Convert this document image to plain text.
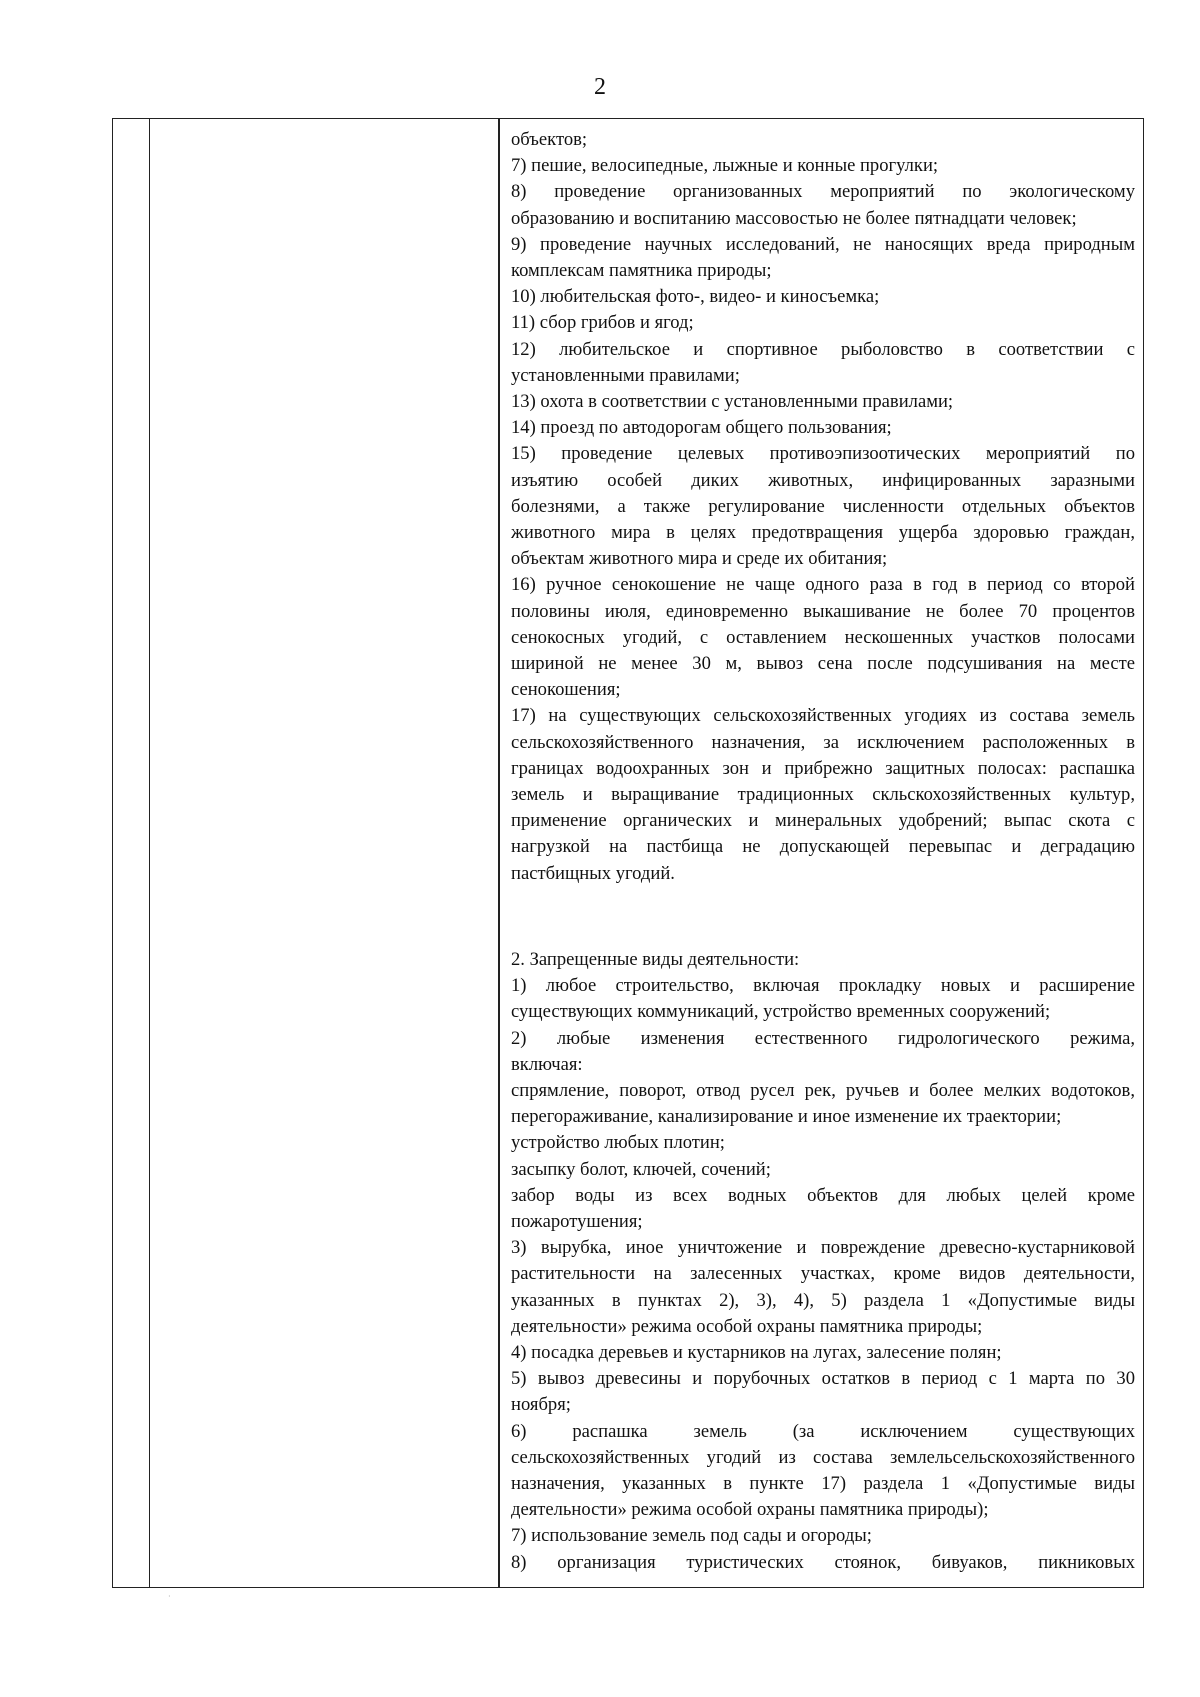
2

объектов;

7) пешие, велосипедные, лыжные и конные прогулки;

8) проведение организованных мероприятий по экологическому

образованию и воспитанию массовостью не более пятнадцати человек;

9) проведение научных исследований, не наносящих вреда природным

комплексам памятника природы;

10) любительская фото-, видео- и киносъемка;

11) сбор грибов и ягод;

12) любительское и спортивное рыболовство в соответствии с

установленными правилами;

13) охота в соответствии с установленными правилами;

14) проезд по автодорогам общего пользования;

15) проведение целевых противоэпизоотических мероприятий по

изъятию особей диких животных, инфицированных заразными

болезнями, а также регулирование численности отдельных объектов

животного мира в целях предотвращения ущерба здоровью граждан,

объектам животного мира и среде их обитания;

16) ручное сенокошение не чаще одного раза в год в период со второй

половины июля, единовременно выкашивание не более 70 процентов

сенокосных угодий, с оставлением нескошенных участков полосами

шириной не менее 30 м, вывоз сена после подсушивания на месте

сенокошения;

17) на существующих сельскохозяйственных угодиях из состава земель

сельскохозяйственного назначения, за исключением расположенных в

границах водоохранных зон и прибрежно защитных полосах: распашка

земель и выращивание традиционных скльскохозяйственных культур,

применение органических и минеральных удобрений; выпас скота с

нагрузкой на пастбища не допускающей перевыпас и деградацию

пастбищных угодий.

2. Запрещенные виды деятельности:

1) любое строительство, включая прокладку новых и расширение

существующих коммуникаций, устройство временных сооружений;

2) любые изменения естественного гидрологического режима,

включая:

спрямление, поворот, отвод русел рек, ручьев и более мелких водотоков,

перегораживание, канализирование и иное изменение их траектории;

устройство любых плотин;

засыпку болот, ключей, сочений;

забор воды из всех водных объектов для любых целей кроме

пожаротушения;

3) вырубка, иное уничтожение и повреждение древесно-кустарниковой

растительности на залесенных участках, кроме видов деятельности,

указанных в пунктах 2), 3), 4), 5) раздела 1 «Допустимые виды

деятельности» режима особой охраны памятника природы;

4) посадка деревьев и кустарников на лугах, залесение полян;

5) вывоз древесины и порубочных остатков в период с 1 марта по 30

ноября;

6) распашка земель (за исключением существующих

сельскохозяйственных угодий из состава землельсельскохозяйственного

назначения, указанных в пункте 17) раздела 1 «Допустимые виды

деятельности» режима особой охраны памятника природы);

7) использование земель под сады и огороды;

8) организация туристических стоянок, бивуаков, пикниковых

·
